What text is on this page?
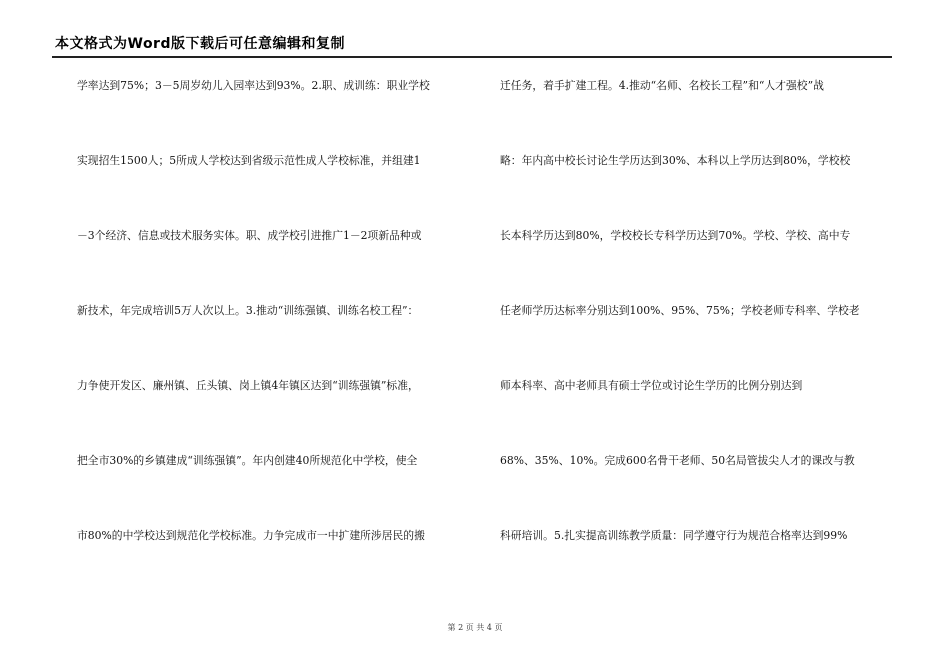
本文格式为Word版下载后可任意编辑和复制
学率达到75%；3－5周岁幼儿入园率达到93%。2.职、成训练：职业学校
实现招生1500人；5所成人学校达到省级示范性成人学校标准，并组建1
－3个经济、信息或技术服务实体。职、成学校引进推广1－2项新品种或
新技术，年完成培训5万人次以上。3.推动“训练强镇、训练名校工程”：
力争使开发区、廉州镇、丘头镇、岗上镇4年镇区达到“训练强镇”标准，
把全市30%的乡镇建成“训练强镇”。年内创建40所规范化中学校，使全
市80%的中学校达到规范化学校标准。力争完成市一中扩建所涉居民的搬
迁任务，着手扩建工程。4.推动“名师、名校长工程”和“人才强校”战
略：年内高中校长讨论生学历达到30%、本科以上学历达到80%，学校校
长本科学历达到80%，学校校长专科学历达到70%。学校、学校、高中专
任老师学历达标率分别达到100%、95%、75%；学校老师专科率、学校老
师本科率、高中老师具有硕士学位或讨论生学历的比例分别达到
68%、35%、10%。完成600名骨干老师、50名局管拔尖人才的课改与教
科研培训。5.扎实提高训练教学质量：同学遵守行为规范合格率达到99%
第 2 页 共 4 页
